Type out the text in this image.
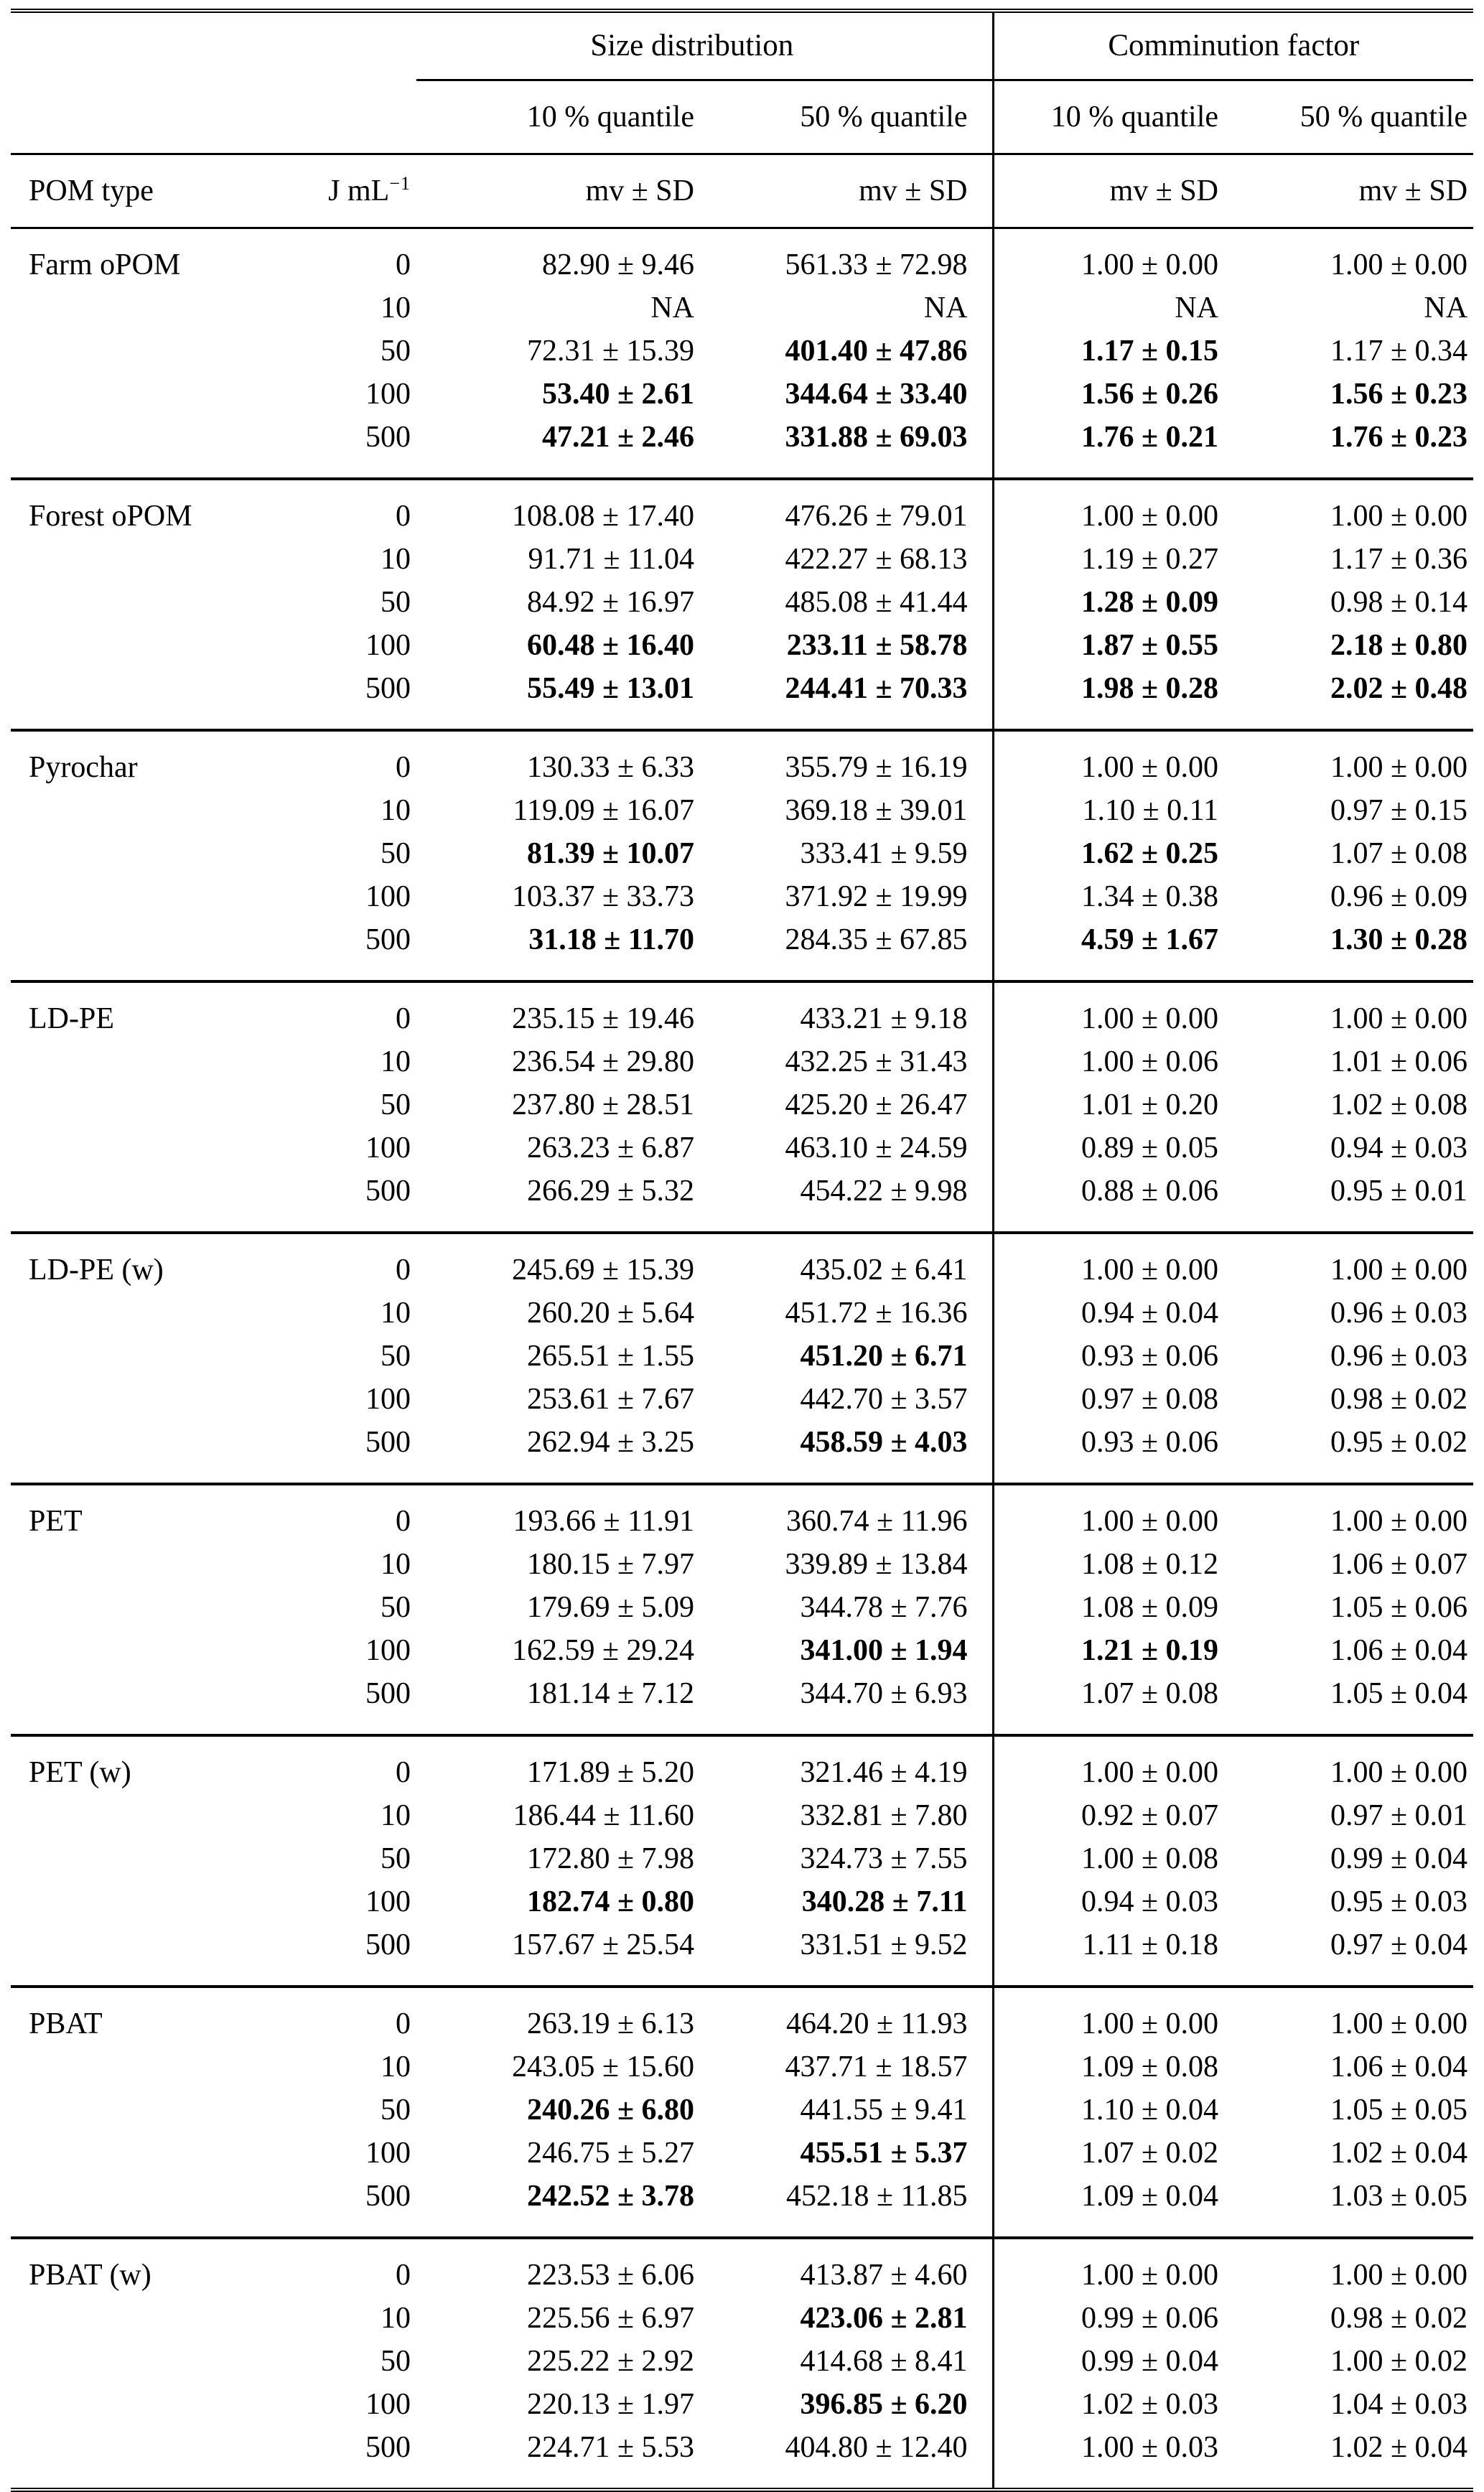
		Size distribution		Comminution factor	
		10 % quantile	50 % quantile	10 % quantile	50 % quantile
POM type	J $mL^{-1}$	mv ± SD	mv ± SD	mv ± SD	mv ± SD
Farm oPOM	0	82.90 ± 9.46	561.33 ± 72.98	1.00 ± 0.00	1.00 ± 0.00
	10	NA	NA	NA	NA
	50	72.31 ± 15.39	401.40 ± 47.86	1.17 ± 0.15	1.17 ± 0.34
	100	53.40 ± 2.61	344.64 ± 33.40	1.56 ± 0.26	1.56 ± 0.23
	500	47.21 ± 2.46	331.88 ± 69.03	1.76 ± 0.21	1.76 ± 0.23
Forest oPOM	0	108.08 ± 17.40	476.26 ± 79.01	1.00 ± 0.00	1.00 ± 0.00
	10	91.71 ± 11.04	422.27 ± 68.13	1.19 ± 0.27	1.17 ± 0.36
	50	84.92 ± 16.97	485.08 ± 41.44	1.28 ± 0.09	0.98 ± 0.14
	100	60.48 ± 16.40	233.11 ± 58.78	1.87 ± 0.55	2.18 ± 0.80
	500	55.49 ± 13.01	244.41 ± 70.33	1.98 ± 0.28	2.02 ± 0.48
Pyrochar	0	130.33 ± 6.33	355.79 ± 16.19	1.00 ± 0.00	1.00 ± 0.00
	10	119.09 ± 16.07	369.18 ± 39.01	1.10 ± 0.11	0.97 ± 0.15
	50	81.39 ± 10.07	333.41 ± 9.59	1.62 ± 0.25	1.07 ± 0.08
	100	103.37 ± 33.73	371.92 ± 19.99	1.34 ± 0.38	0.96 ± 0.09
	500	31.18 ± 11.70	284.35 ± 67.85	4.59 ± 1.67	1.30 ± 0.28
LD-PE	0	235.15 ± 19.46	433.21 ± 9.18	1.00 ± 0.00	1.00 ± 0.00
	10	236.54 ± 29.80	432.25 ± 31.43	1.00 ± 0.06	1.01 ± 0.06
	50	237.80 ± 28.51	425.20 ± 26.47	1.01 ± 0.20	1.02 ± 0.08
	100	263.23 ± 6.87	463.10 ± 24.59	0.89 ± 0.05	0.94 ± 0.03
	500	266.29 ± 5.32	454.22 ± 9.98	0.88 ± 0.06	0.95 ± 0.01
LD-PE (w)	0	245.69 ± 15.39	435.02 ± 6.41	1.00 ± 0.00	1.00 ± 0.00
	10	260.20 ± 5.64	451.72 ± 16.36	0.94 ± 0.04	0.96 ± 0.03
	50	265.51 ± 1.55	451.20 ± 6.71	0.93 ± 0.06	0.96 ± 0.03
	100	253.61 ± 7.67	442.70 ± 3.57	0.97 ± 0.08	0.98 ± 0.02
	500	262.94 ± 3.25	458.59 ± 4.03	0.93 ± 0.06	0.95 ± 0.02
PET	0	193.66 ± 11.91	360.74 ± 11.96	1.00 ± 0.00	1.00 ± 0.00
	10	180.15 ± 7.97	339.89 ± 13.84	1.08 ± 0.12	1.06 ± 0.07
	50	179.69 ± 5.09	344.78 ± 7.76	1.08 ± 0.09	1.05 ± 0.06
	100	162.59 ± 29.24	341.00 ± 1.94	1.21 ± 0.19	1.06 ± 0.04
	500	181.14 ± 7.12	344.70 ± 6.93	1.07 ± 0.08	1.05 ± 0.04
PET (w)	0	171.89 ± 5.20	321.46 ± 4.19	1.00 ± 0.00	1.00 ± 0.00
	10	186.44 ± 11.60	332.81 ± 7.80	0.92 ± 0.07	0.97 ± 0.01
	50	172.80 ± 7.98	324.73 ± 7.55	1.00 ± 0.08	0.99 ± 0.04
	100	182.74 ± 0.80	340.28 ± 7.11	0.94 ± 0.03	0.95 ± 0.03
	500	157.67 ± 25.54	331.51 ± 9.52	1.11 ± 0.18	0.97 ± 0.04
PBAT	0	263.19 ± 6.13	464.20 ± 11.93	1.00 ± 0.00	1.00 ± 0.00
	10	243.05 ± 15.60	437.71 ± 18.57	1.09 ± 0.08	1.06 ± 0.04
	50	240.26 ± 6.80	441.55 ± 9.41	1.10 ± 0.04	1.05 ± 0.05
	100	246.75 ± 5.27	455.51 ± 5.37	1.07 ± 0.02	1.02 ± 0.04
	500	242.52 ± 3.78	452.18 ± 11.85	1.09 ± 0.04	1.03 ± 0.05
PBAT (w)	0	223.53 ± 6.06	413.87 ± 4.60	1.00 ± 0.00	1.00 ± 0.00
	10	225.56 ± 6.97	423.06 ± 2.81	0.99 ± 0.06	0.98 ± 0.02
	50	225.22 ± 2.92	414.68 ± 8.41	0.99 ± 0.04	1.00 ± 0.02
	100	220.13 ± 1.97	396.85 ± 6.20	1.02 ± 0.03	1.04 ± 0.03
	500	224.71 ± 5.53	404.80 ± 12.40	1.00 ± 0.03	1.02 ± 0.04
